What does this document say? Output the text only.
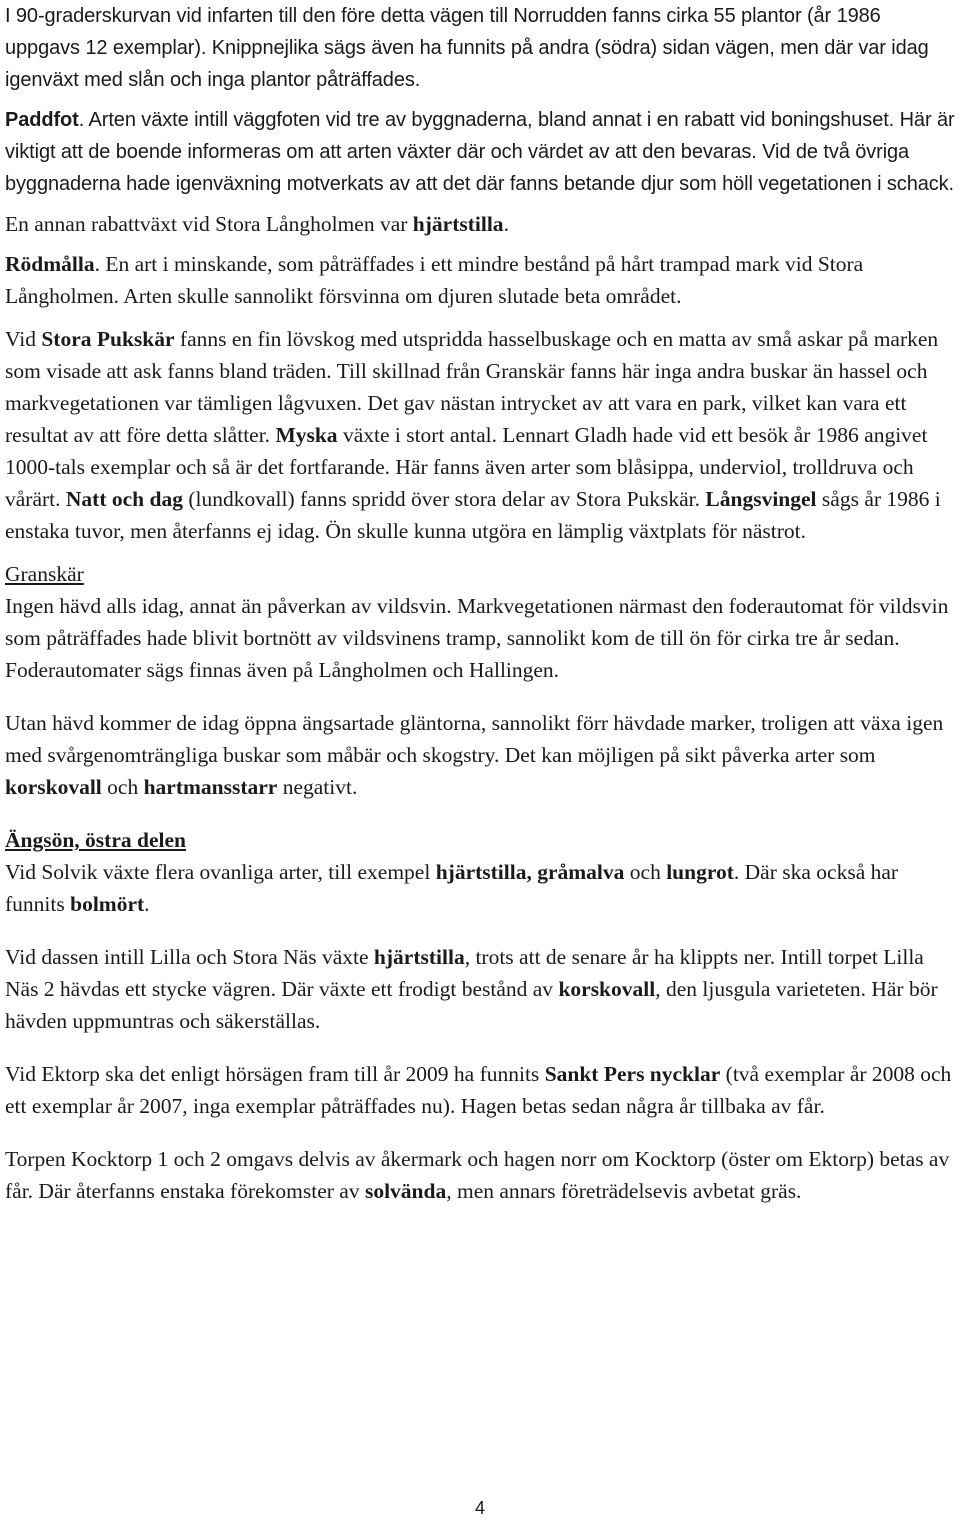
I 90-graderskurvan vid infarten till den före detta vägen till Norrudden fanns cirka 55 plantor (år 1986 uppgavs 12 exemplar). Knippnejlika sägs även ha funnits på andra (södra) sidan vägen, men där var idag igenväxt med slån och inga plantor påträffades.

Paddfot. Arten växte intill väggfoten vid tre av byggnaderna, bland annat i en rabatt vid boningshuset. Här är viktigt att de boende informeras om att arten växter där och värdet av att den bevaras. Vid de två övriga byggnaderna hade igenväxning motverkats av att det där fanns betande djur som höll vegetationen i schack.

En annan rabattväxt vid Stora Långholmen var hjärtstilla.

Rödmålla. En art i minskande, som påträffades i ett mindre bestånd på hårt trampad mark vid Stora Långholmen. Arten skulle sannolikt försvinna om djuren slutade beta området.

Vid Stora Pukskär fanns en fin lövskog med utspridda hasselbuskage och en matta av små askar på marken som visade att ask fanns bland träden. Till skillnad från Granskär fanns här inga andra buskar än hassel och markvegetationen var tämligen lågvuxen. Det gav nästan intrycket av att vara en park, vilket kan vara ett resultat av att före detta slåtter. Myska växte i stort antal. Lennart Gladh hade vid ett besök år 1986 angivet 1000-tals exemplar och så är det fortfarande. Här fanns även arter som blåsippa, underviol, trolldruva och vårärt. Natt och dag (lundkovall) fanns spridd över stora delar av Stora Pukskär. Långsvingel sågs år 1986 i enstaka tuvor, men återfanns ej idag. Ön skulle kunna utgöra en lämplig växtplats för nästrot.

Granskär

Ingen hävd alls idag, annat än påverkan av vildsvin. Markvegetationen närmast den foderautomat för vildsvin som påträffades hade blivit bortnött av vildsvinens tramp, sannolikt kom de till ön för cirka tre år sedan. Foderautomater sägs finnas även på Långholmen och Hallingen.

Utan hävd kommer de idag öppna ängsartade gläntorna, sannolikt förr hävdade marker, troligen att växa igen med svårgenomträngliga buskar som måbär och skogstry. Det kan möjligen på sikt påverka arter som korskovall och hartmansstarr negativt.

Ängsön, östra delen

Vid Solvik växte flera ovanliga arter, till exempel hjärtstilla, gråmalva och lungrot. Där ska också har funnits bolmört.

Vid dassen intill Lilla och Stora Näs växte hjärtstilla, trots att de senare år ha klippts ner. Intill torpet Lilla Näs 2 hävdas ett stycke vägren. Där växte ett frodigt bestånd av korskovall, den ljusgula varieteten. Här bör hävden uppmuntras och säkerställas.

Vid Ektorp ska det enligt hörsägen fram till år 2009 ha funnits Sankt Pers nycklar (två exemplar år 2008 och ett exemplar år 2007, inga exemplar påträffades nu). Hagen betas sedan några år tillbaka av får.

Torpen Kocktorp 1 och 2 omgavs delvis av åkermark och hagen norr om Kocktorp (öster om Ektorp) betas av får. Där återfanns enstaka förekomster av solvända, men annars företrädelsevis avbetat gräs.

4
